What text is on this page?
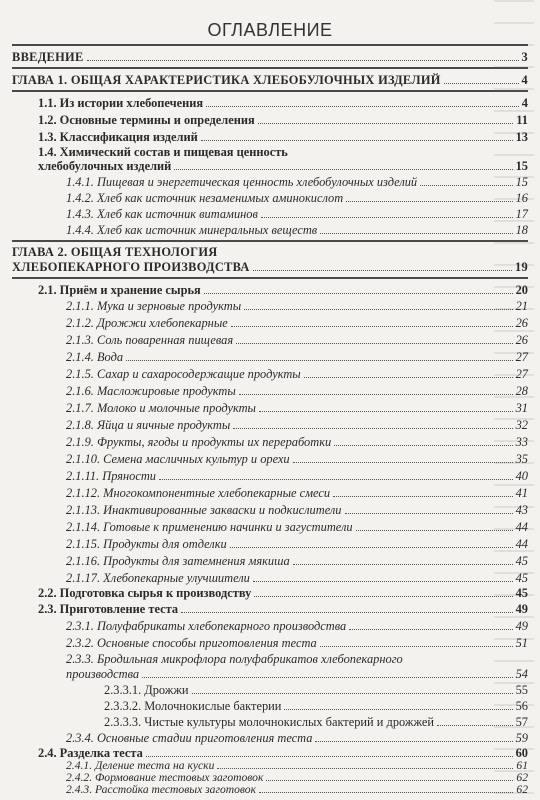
ОГЛАВЛЕНИЕ
ВВЕДЕНИЕ	3
ГЛАВА 1. ОБЩАЯ ХАРАКТЕРИСТИКА ХЛЕБОБУЛОЧНЫХ ИЗДЕЛИЙ	4
1.1. Из истории хлебопечения	4
1.2. Основные термины и определения	11
1.3. Классификация изделий	13
1.4. Химический состав и пищевая ценность
хлебобулочных изделий	15
1.4.1. Пищевая и энергетическая ценность хлебобулочных изделий	15
1.4.2. Хлеб как источник незаменимых аминокислот	16
1.4.3. Хлеб как источник витаминов	17
1.4.4. Хлеб как источник минеральных веществ	18
ГЛАВА 2. ОБЩАЯ ТЕХНОЛОГИЯ
ХЛЕБОПЕКАРНОГО ПРОИЗВОДСТВА	19
2.1. Приём и хранение сырья	20
2.1.1. Мука и зерновые продукты	21
2.1.2. Дрожжи хлебопекарные	26
2.1.3. Соль поваренная пищевая	26
2.1.4. Вода	27
2.1.5. Сахар и сахаросодержащие продукты	27
2.1.6. Масложировые продукты	28
2.1.7. Молоко и молочные продукты	31
2.1.8. Яйца и яичные продукты	32
2.1.9. Фрукты, ягоды и продукты их переработки	33
2.1.10. Семена масличных культур и орехи	35
2.1.11. Пряности	40
2.1.12. Многокомпонентные хлебопекарные смеси	41
2.1.13. Инактивированные закваски и подкислители	43
2.1.14. Готовые к применению начинки и загустители	44
2.1.15. Продукты для отделки	44
2.1.16. Продукты для затемнения мякиша	45
2.1.17. Хлебопекарные улучшители	45
2.2. Подготовка сырья к производству	45
2.3. Приготовление теста	49
2.3.1. Полуфабрикаты хлебопекарного производства	49
2.3.2. Основные способы приготовления теста	51
2.3.3. Бродильная микрофлора полуфабрикатов хлебопекарного
производства	54
2.3.3.1. Дрожжи	55
2.3.3.2. Молочнокислые бактерии	56
2.3.3.3. Чистые культуры молочнокислых бактерий и дрожжей	57
2.3.4. Основные стадии приготовления теста	59
2.4. Разделка теста	60
2.4.1. Деление теста на куски	61
2.4.2. Формование тестовых заготовок	62
2.4.3. Расстойка тестовых заготовок	62
